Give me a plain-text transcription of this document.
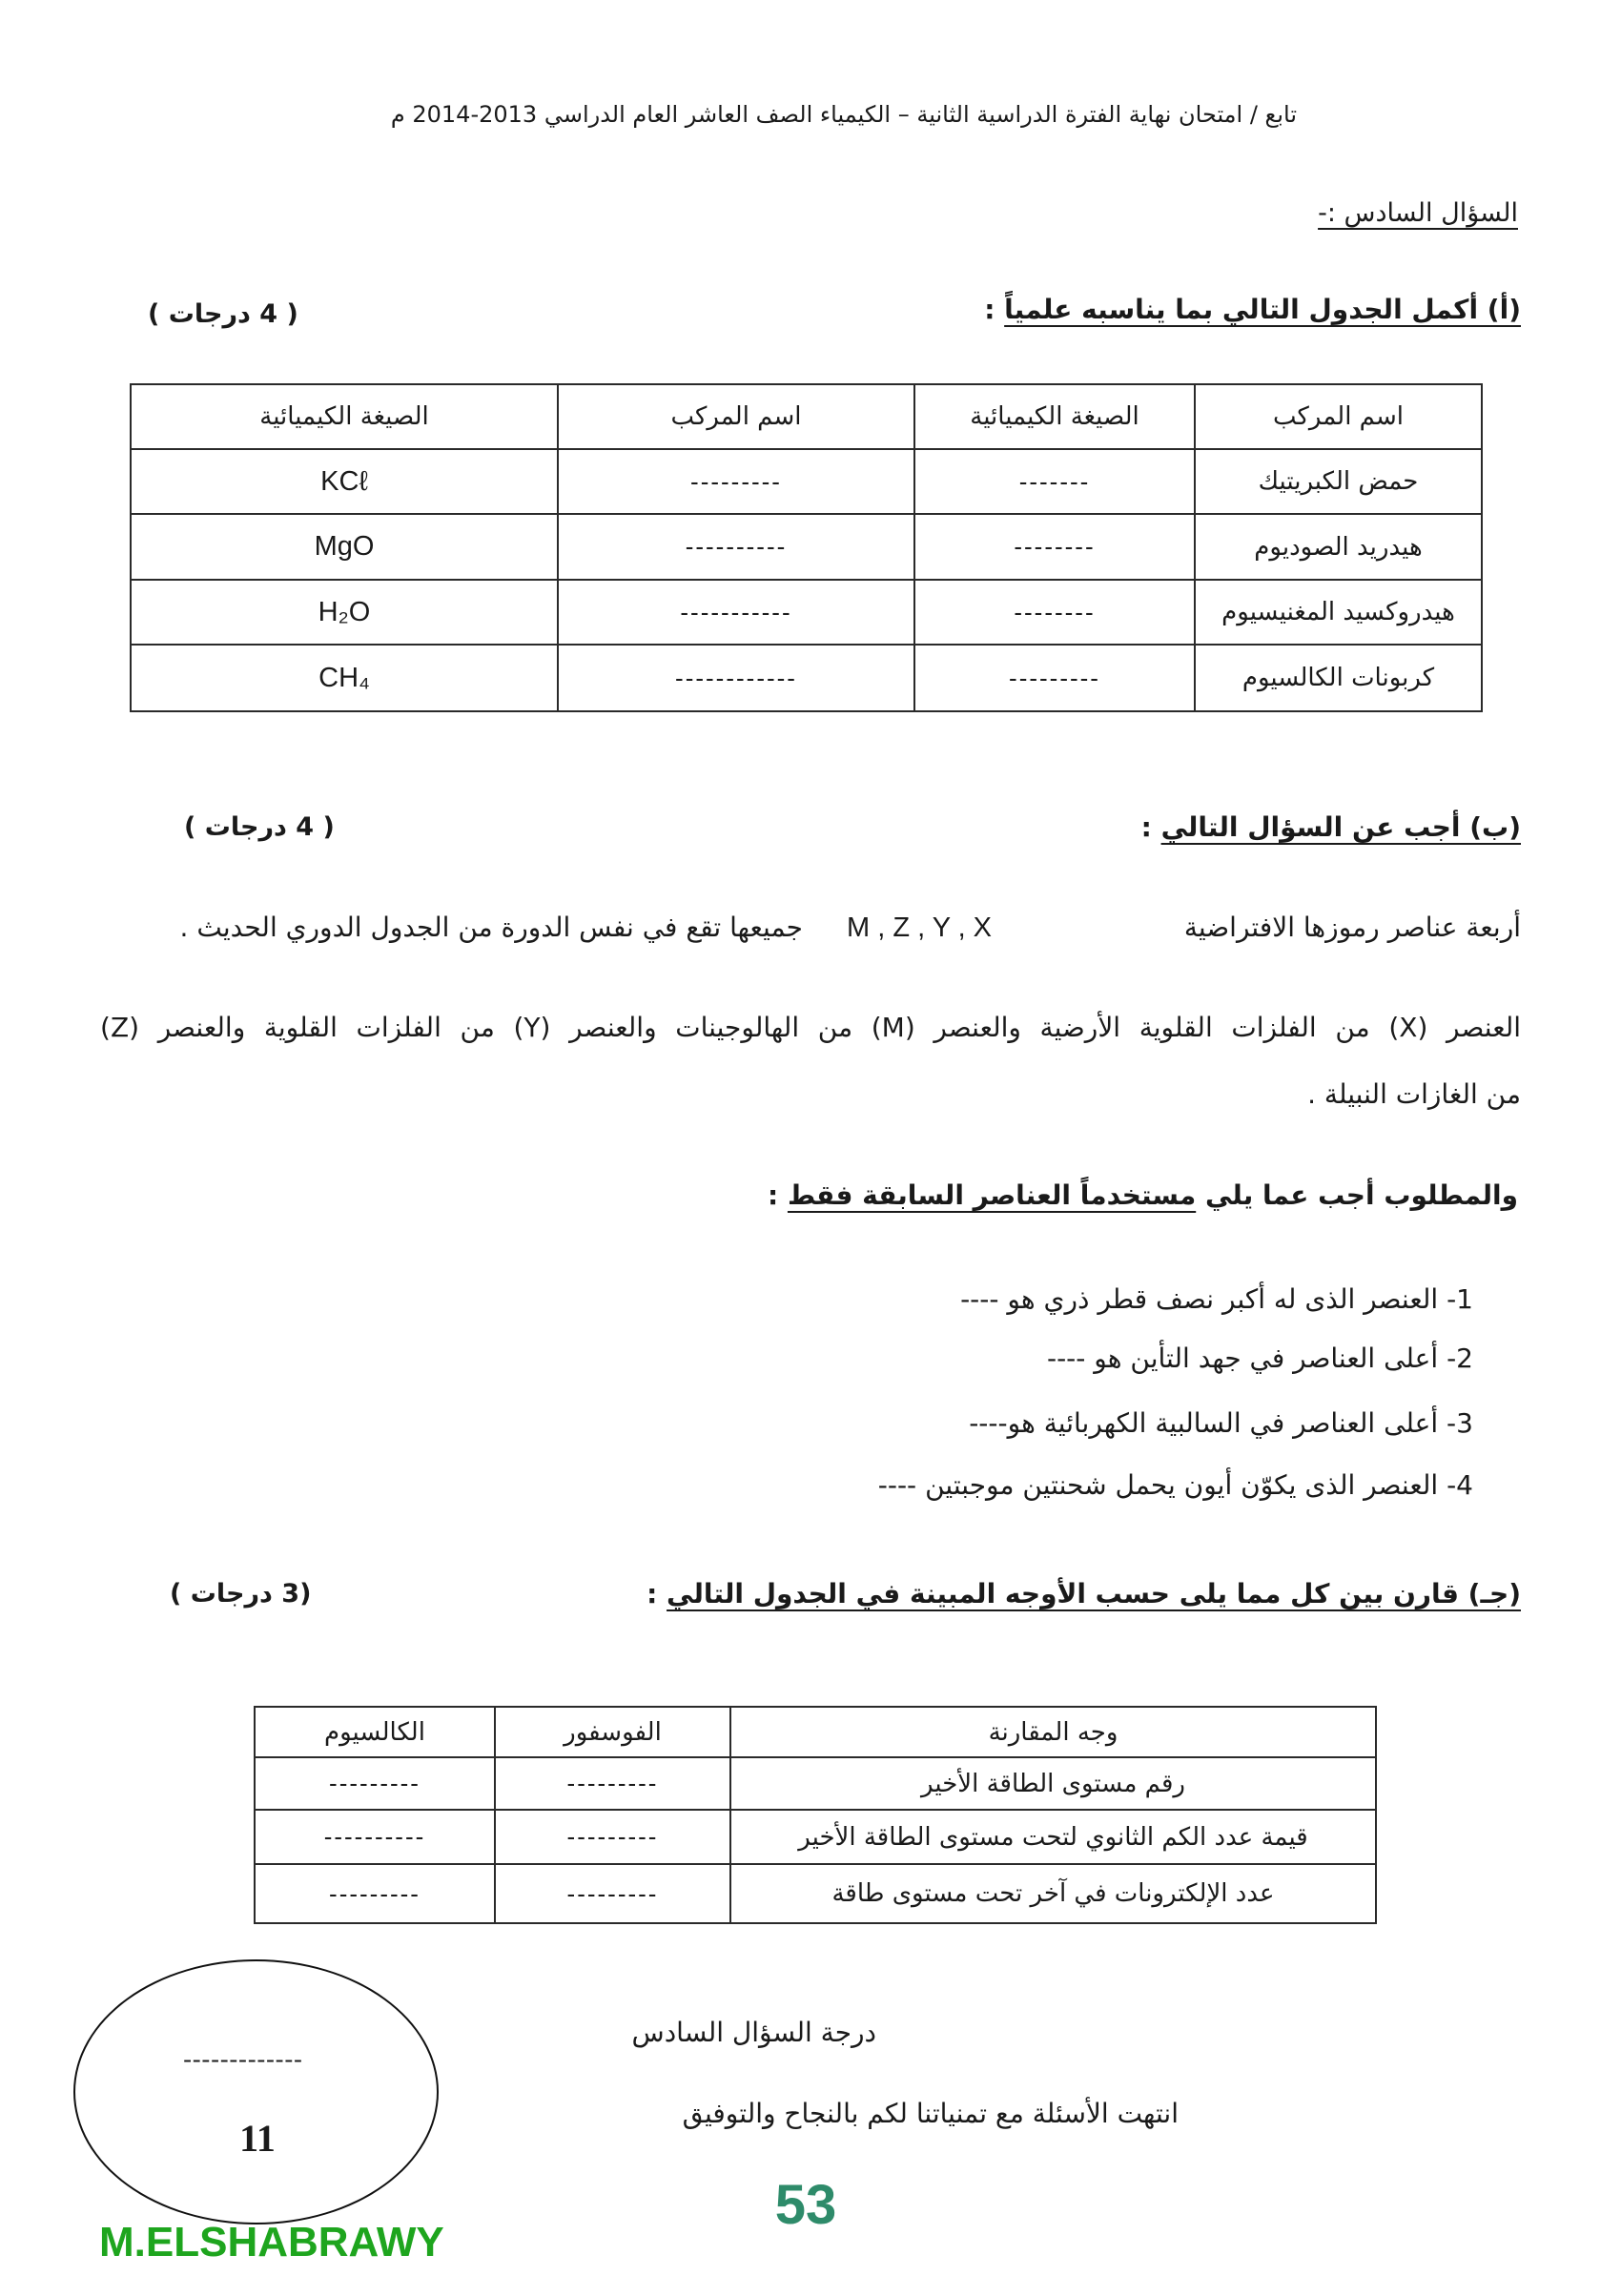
تابع / امتحان نهاية الفترة الدراسية الثانية – الكيمياء الصف العاشر العام الدراسي 2013-2014 م
السؤال السادس :-
(أ) أكمل الجدول التالي بما يناسبه علمياً :
( 4 درجات )
اسم المركب	الصيغة الكيميائية	اسم المركب	الصيغة الكيميائية
حمض الكبريتيك	-------	---------	KCℓ
هيدريد الصوديوم	--------	----------	MgO
هيدروكسيد المغنيسيوم	--------	-----------	H₂O
كربونات الكالسيوم	---------	------------	CH₄
(ب) أجب عن السؤال التالي :
( 4 درجات )
أربعة عناصر رموزها الافتراضية
M , Z , Y , X
جميعها تقع في نفس الدورة من الجدول الدوري الحديث .
العنصر (X) من الفلزات القلوية الأرضية والعنصر (M) من الهالوجينات والعنصر (Y) من الفلزات القلوية والعنصر (Z)
من الغازات النبيلة .
والمطلوب أجب عما يلي مستخدماً العناصر السابقة فقط :
1- العنصر الذى له أكبر نصف قطر ذري هو ----
2- أعلى العناصر في جهد التأين هو ----
3- أعلى العناصر في السالبية الكهربائية هو----
4- العنصر الذى يكوّن أيون يحمل شحنتين موجبتين ----
(جـ) قارن بين كل مما يلى حسب الأوجه المبينة في الجدول التالي :
(3 درجات )
وجه المقارنة	الفوسفور	الكالسيوم
رقم مستوى الطاقة الأخير	---------	---------
قيمة عدد الكم الثانوي لتحت مستوى الطاقة الأخير	---------	----------
عدد الإلكترونات في آخر تحت مستوى طاقة	---------	---------
-------------
11
درجة السؤال السادس
انتهت الأسئلة مع تمنياتنا لكم بالنجاح والتوفيق
53
M.ELSHABRAWY
